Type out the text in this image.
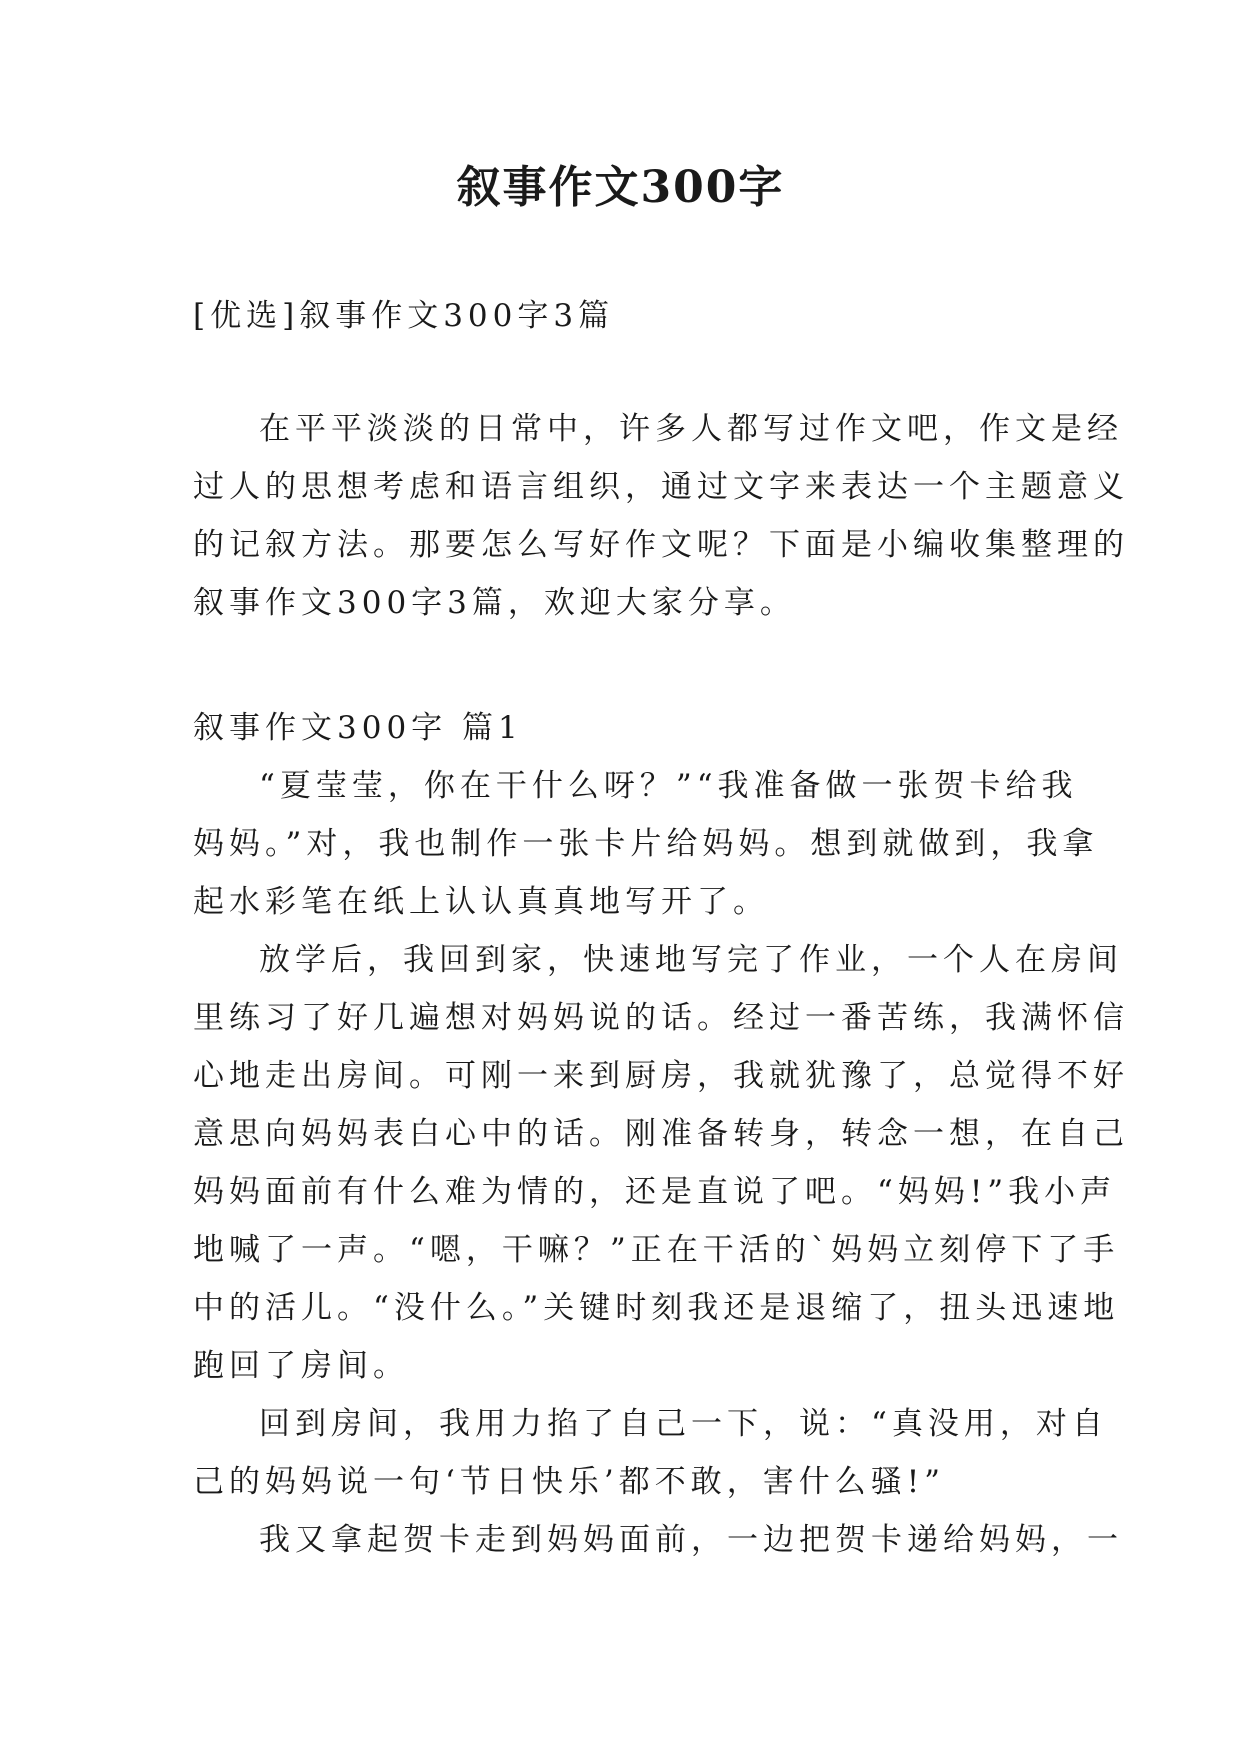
叙事作文300字

[优选]叙事作文300字3篇

在平平淡淡的日常中，许多人都写过作文吧，作文是经
过人的思想考虑和语言组织，通过文字来表达一个主题意义
的记叙方法。那要怎么写好作文呢？下面是小编收集整理的
叙事作文300字3篇，欢迎大家分享。

叙事作文300字 篇1

“夏莹莹，你在干什么呀？”“我准备做一张贺卡给我
妈妈。”对，我也制作一张卡片给妈妈。想到就做到，我拿
起水彩笔在纸上认认真真地写开了。

放学后，我回到家，快速地写完了作业，一个人在房间
里练习了好几遍想对妈妈说的话。经过一番苦练，我满怀信
心地走出房间。可刚一来到厨房，我就犹豫了，总觉得不好
意思向妈妈表白心中的话。刚准备转身，转念一想，在自己
妈妈面前有什么难为情的，还是直说了吧。“妈妈!”我小声
地喊了一声。“嗯，干嘛？”正在干活的`妈妈立刻停下了手
中的活儿。“没什么。”关键时刻我还是退缩了，扭头迅速地
跑回了房间。

回到房间，我用力掐了自己一下，说：“真没用，对自
己的妈妈说一句‘节日快乐’都不敢，害什么骚!”

我又拿起贺卡走到妈妈面前，一边把贺卡递给妈妈，一
